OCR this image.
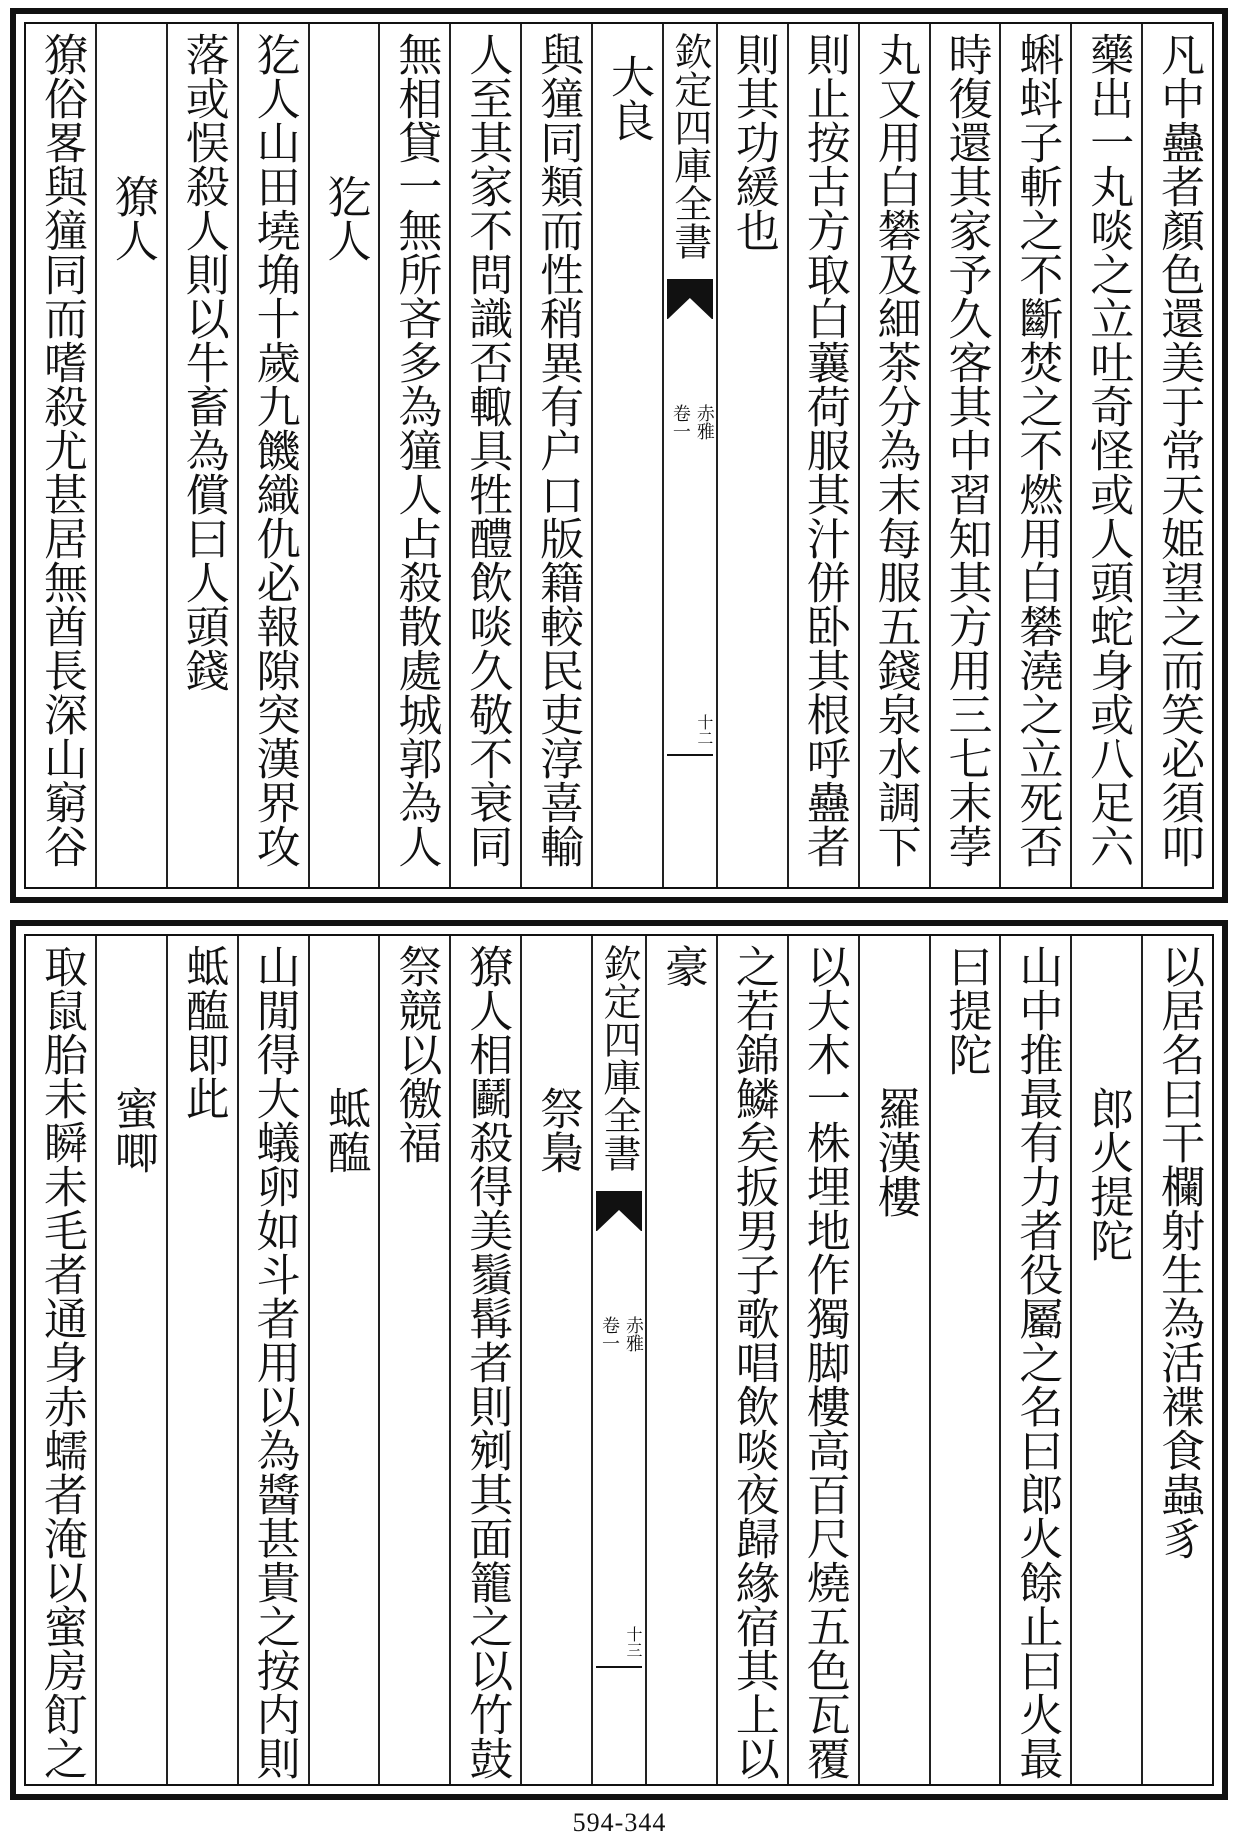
凡中蠱者顏色還美于常天姫望之而笑必須叩
藥出一丸啖之立吐奇怪或人頭蛇身或八足六
蝌蚪子斬之不斷焚之不燃用白礬澆之立死否
時復還其家予久客其中習知其方用三七末荸
丸又用白礬及細茶分為末每服五錢泉水調下
則止按古方取白蘘荷服其汁併卧其根呼蠱者
則其功緩也
欽定四庫全書
赤雅
卷一
十二
大良
與獞同類而性稍異有户口版籍較民吏淳喜輸
人至其家不問識否輙具牲醴飲啖久敬不衰同
無相貸一無所吝多為獞人占殺散處城郭為人
犵人
犵人山田墝埆十歲九饑織仇必報隙突漢界攻
落或悮殺人則以牛畜為償曰人頭錢
獠人
獠俗畧與獞同而嗜殺尤甚居無酋長深山窮谷
以居名曰干欄射生為活褋食蟲豸
郎火提陀
山中推最有力者役屬之名曰郎火餘止曰火最
曰提陀
羅漢樓
以大木一株埋地作獨脚樓高百尺燒五色瓦覆
之若錦鱗矣扳男子歌唱飲啖夜歸緣宿其上以
豪
欽定四庫全書
赤雅
卷一
十三
祭梟
獠人相鬬殺得美鬚髯者則剜其面籠之以竹鼓
祭競以徼福
蚳醢
山閒得大蟻卵如斗者用以為醬甚貴之按内則
蚳醢即此
蜜唧
取鼠胎未瞬未毛者通身赤蠕者淹以蜜房飣之
594-344
